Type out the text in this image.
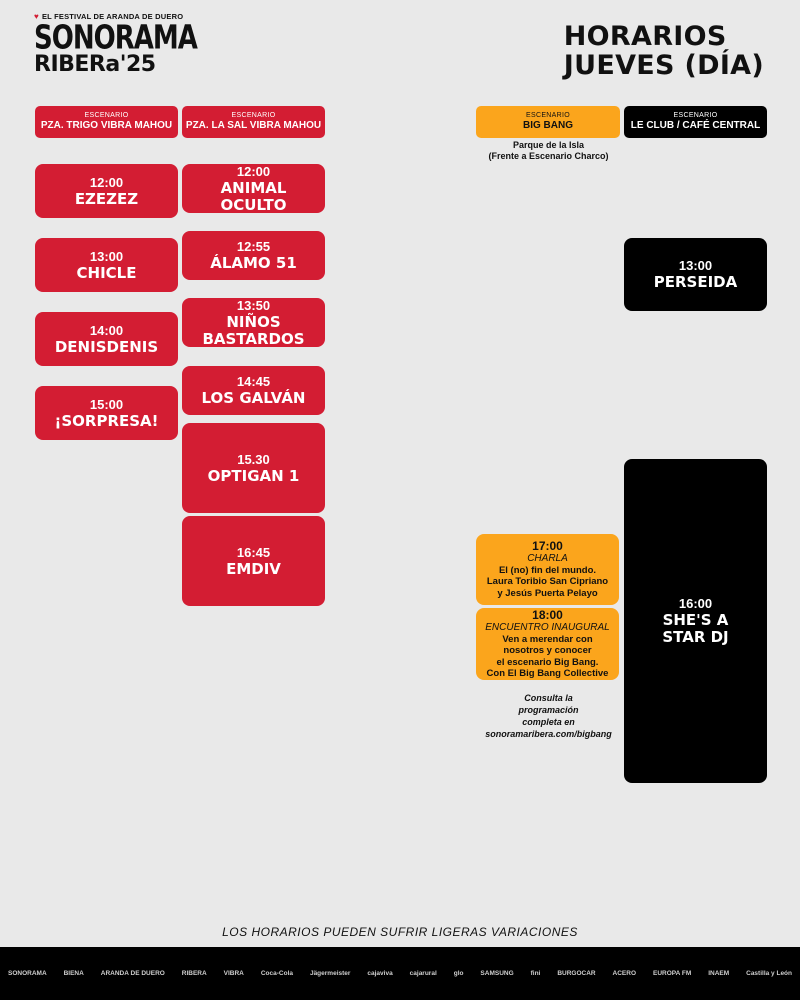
♥ EL FESTIVAL DE ARANDA DE DUERO
SONORAMA
RIBERa'25
HORARIOS
JUEVES (DÍA)
ESCENARIO
PZA. TRIGO VIBRA MAHOU
ESCENARIO
PZA. LA SAL VIBRA MAHOU
ESCENARIO
BIG BANG
ESCENARIO
LE CLUB / CAFÉ CENTRAL
Parque de la Isla
(Frente a Escenario Charco)
12:00
EZEZEZ
13:00
CHICLE
14:00
DENISDENIS
15:00
¡SORPRESA!
12:00
ANIMAL
OCULTO
12:55
ÁLAMO 51
13:50
NIÑOS
BASTARDOS
14:45
LOS GALVÁN
15.30
OPTIGAN 1
16:45
EMDIV
17:00
CHARLA
El (no) fin del mundo.
Laura Toribio San Cipriano
y Jesús Puerta Pelayo
18:00
ENCUENTRO INAUGURAL
Ven a merendar con
nosotros y conocer
el escenario Big Bang.
Con El Big Bang Collective
Consulta la
programación
completa en
sonoramaribera.com/bigbang
13:00
PERSEIDA
16:00
SHE'S A
STAR DJ
LOS HORARIOS PUEDEN SUFRIR LIGERAS VARIACIONES
SONORAMA	BIENA	ARANDA DE DUERO	RIBERA	VIBRA	Coca-Cola	Jägermeister	cajaviva	cajarural	glo	SAMSUNG	fini	BURGOCAR	ACERO	EUROPA FM	INAEM	Castilla y León
